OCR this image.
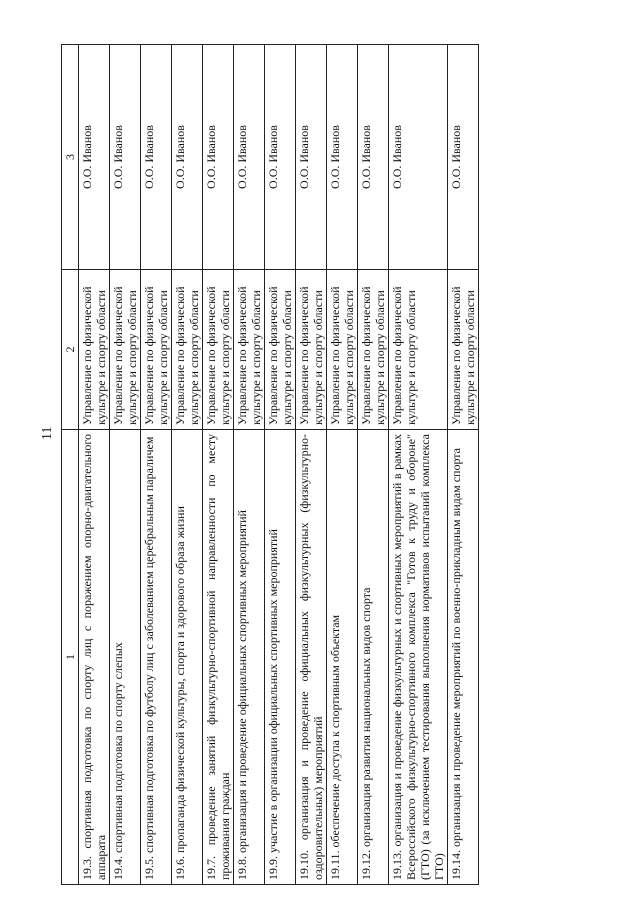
11
1	2	3
19.3. спортивная подготовка по спорту лиц с поражением опорно-двигательного аппарата	Управление по физической культуре и спорту области	О.О. Иванов
19.4. спортивная подготовка по спорту слепых	Управление по физической культуре и спорту области	О.О. Иванов
19.5. спортивная подготовка по футболу лиц с заболеванием церебральным параличем	Управление по физической культуре и спорту области	О.О. Иванов
19.6. пропаганда физической культуры, спорта и здорового образа жизни	Управление по физической культуре и спорту области	О.О. Иванов
19.7. проведение занятий физкультурно-спортивной направленности по месту проживания граждан	Управление по физической культуре и спорту области	О.О. Иванов
19.8. организация и проведение официальных спортивных мероприятий	Управление по физической культуре и спорту области	О.О. Иванов
19.9. участие в организации официальных спортивных мероприятий	Управление по физической культуре и спорту области	О.О. Иванов
19.10. организация и проведение официальных физкультурных (физкультурно-оздоровительных) мероприятий	Управление по физической культуре и спорту области	О.О. Иванов
19.11. обеспечение доступа к спортивным объектам	Управление по физической культуре и спорту области	О.О. Иванов
19.12. организация развития национальных видов спорта	Управление по физической культуре и спорту области	О.О. Иванов
19.13. организация и проведение физкультурных и спортивных мероприятий в рамках Всероссийского физкультурно-спортивного комплекса "Готов к труду и обороне" (ГТО) (за исключением тестирования выполнения нормативов испытаний комплекса ГТО)	Управление по физической культуре и спорту области	О.О. Иванов
19.14. организация и проведение мероприятий по военно-прикладным видам спорта	Управление по физической культуре и спорту области	О.О. Иванов
